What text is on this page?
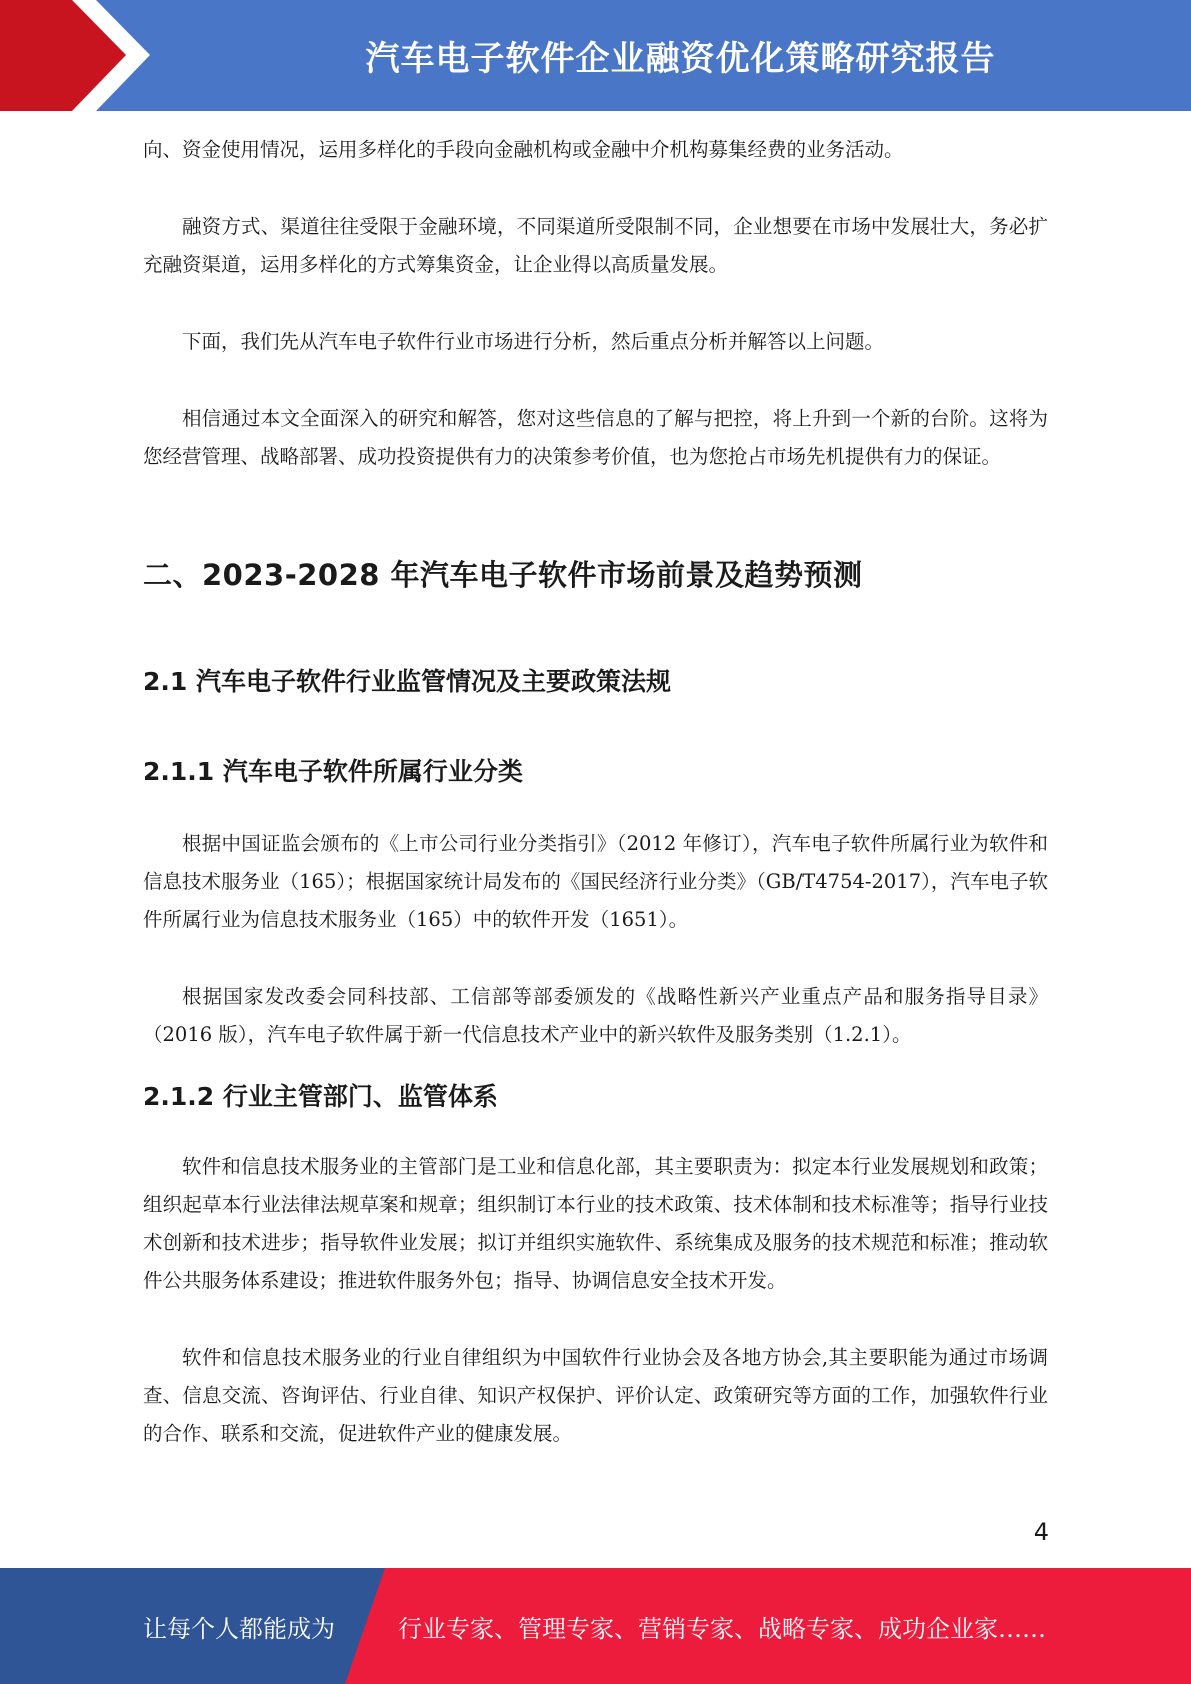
汽车电子软件企业融资优化策略研究报告

向、资金使用情况，运用多样化的手段向金融机构或金融中介机构募集经费的业务活动。

融资方式、渠道往往受限于金融环境，不同渠道所受限制不同，企业想要在市场中发展壮大，务必扩充融资渠道，运用多样化的方式筹集资金，让企业得以高质量发展。

下面，我们先从汽车电子软件行业市场进行分析，然后重点分析并解答以上问题。

相信通过本文全面深入的研究和解答，您对这些信息的了解与把控，将上升到一个新的台阶。这将为您经营管理、战略部署、成功投资提供有力的决策参考价值，也为您抢占市场先机提供有力的保证。

二、2023-2028 年汽车电子软件市场前景及趋势预测
2.1 汽车电子软件行业监管情况及主要政策法规
2.1.1 汽车电子软件所属行业分类

根据中国证监会颁布的《上市公司行业分类指引》（2012 年修订），汽车电子软件所属行业为软件和信息技术服务业（165）；根据国家统计局发布的《国民经济行业分类》（GB/T4754-2017），汽车电子软件所属行业为信息技术服务业（165）中的软件开发（1651）。

根据国家发改委会同科技部、工信部等部委颁发的《战略性新兴产业重点产品和服务指导目录》（2016 版），汽车电子软件属于新一代信息技术产业中的新兴软件及服务类别（1.2.1）。

2.1.2 行业主管部门、监管体系

软件和信息技术服务业的主管部门是工业和信息化部，其主要职责为：拟定本行业发展规划和政策；组织起草本行业法律法规草案和规章；组织制订本行业的技术政策、技术体制和技术标准等；指导行业技术创新和技术进步；指导软件业发展；拟订并组织实施软件、系统集成及服务的技术规范和标准；推动软件公共服务体系建设；推进软件服务外包；指导、协调信息安全技术开发。

软件和信息技术服务业的行业自律组织为中国软件行业协会及各地方协会,其主要职能为通过市场调查、信息交流、咨询评估、行业自律、知识产权保护、评价认定、政策研究等方面的工作，加强软件行业的合作、联系和交流，促进软件产业的健康发展。

4
让每个人都能成为	行业专家、管理专家、营销专家、战略专家、成功企业家……
